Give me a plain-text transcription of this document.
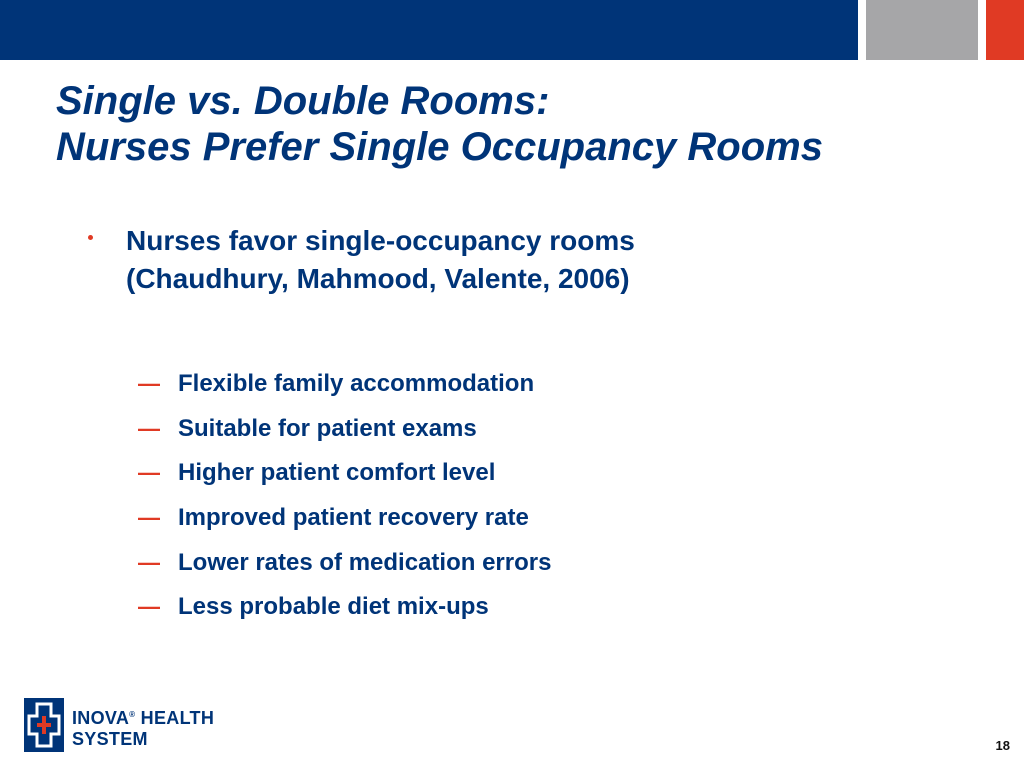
Single vs. Double Rooms:
Nurses Prefer Single Occupancy Rooms
Nurses favor single-occupancy rooms
(Chaudhury, Mahmood, Valente, 2006)
— Flexible family accommodation
— Suitable for patient exams
— Higher patient comfort level
— Improved patient recovery rate
— Lower rates of medication errors
— Less probable diet mix-ups
INOVA® HEALTH
SYSTEM	18
